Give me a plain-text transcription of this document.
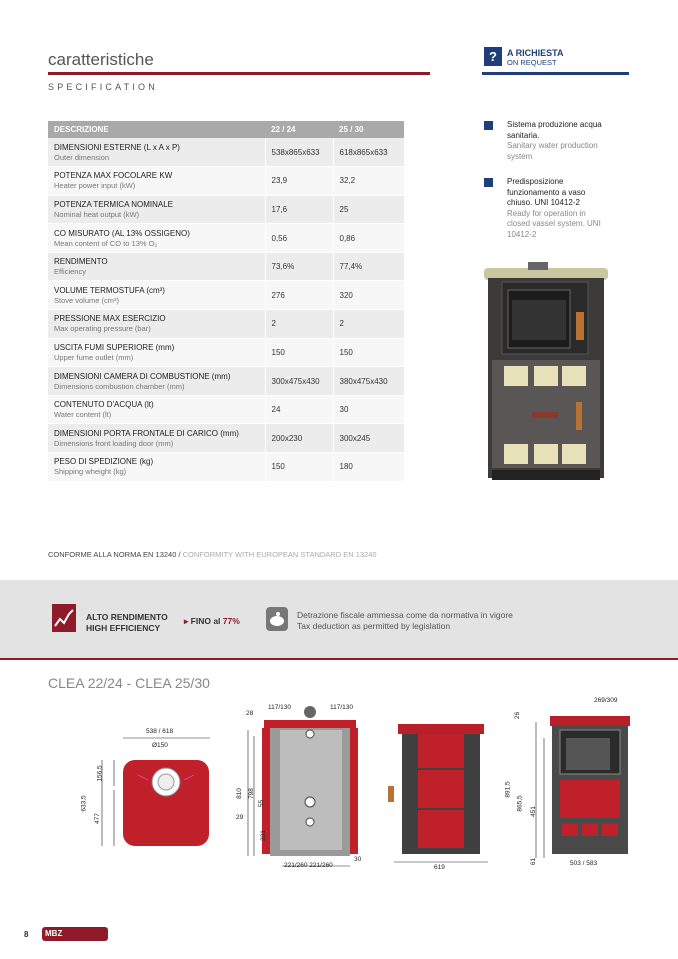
caratteristiche
SPECIFICATION
?	A RICHIESTA
ON REQUEST
DESCRIZIONE	22 / 24	25 / 30

DIMENSIONI ESTERNE (L x A x P)
Outer dimension	538x865x633	618x865x633

POTENZA MAX FOCOLARE KW
Heater power input (kW)	23,9	32,2

POTENZA TERMICA NOMINALE
Nominal heat output (kW)	17,6	25

CO MISURATO (AL 13% OSSIGENO)
Mean content of CO to 13% O₂	0,56	0,86

RENDIMENTO
Efficiency	73,6%	77,4%

VOLUME TERMOSTUFA (cm³)
Stove volume (cm³)	276	320

PRESSIONE MAX ESERCIZIO
Max operating pressure (bar)	2	2

USCITA FUMI SUPERIORE (mm)
Upper fume outlet (mm)	150	150

DIMENSIONI CAMERA DI COMBUSTIONE (mm)
Dimensions combustion chamber (mm)	300x475x430	380x475x430

CONTENUTO D'ACQUA (lt)
Water content (lt)	24	30

DIMENSIONI PORTA FRONTALE DI CARICO (mm)
Dimensions front loading door (mm)	200x230	300x245

PESO DI SPEDIZIONE (kg)
Shipping wheight (kg)	150	180
Sistema produzione acqua sanitaria.
Sanitary water production system
Predisposizione funzionamento a vaso chiuso. UNI 10412-2
Ready for operation in closed vassel system. UNI 10412-2
CONFORME ALLA NORMA EN 13240 / CONFORMITY WITH EUROPEAN STANDARD EN 13240
ALTO RENDIMENTO
HIGH EFFICIENCY
▸ FINO al 77%
Detrazione fiscale ammessa come da normativa in vigore
Tax deduction as permitted by legislation
CLEA 22/24 - CLEA 25/30
538 / 618
Ø150
633,5
477
156,5
117/130	117/130
28
810 798
55
29
231
30
221/260 221/260	619
269/309
26
891,5
865,5 451
61	503 / 583
8	MBZ
